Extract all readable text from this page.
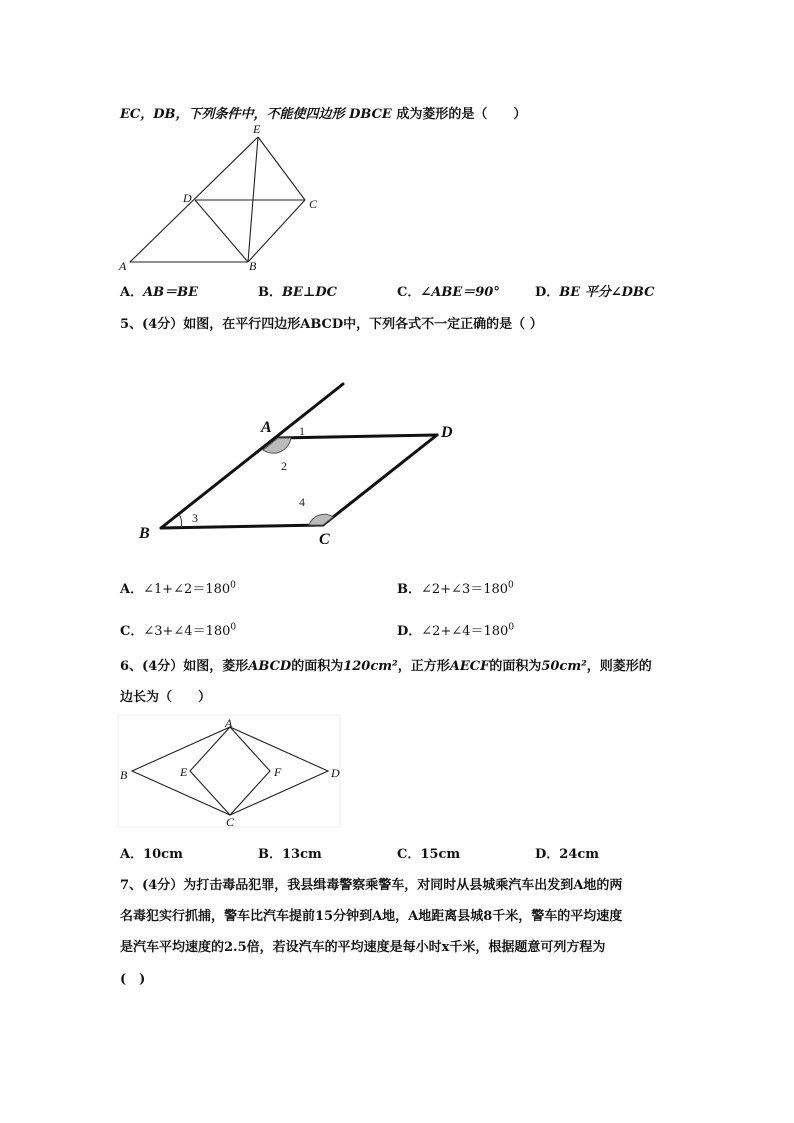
EC，DB，下列条件中，不能使四边形 DBCE 成为菱形的是（　　）
A	B
C
D
E
A．AB＝BE	B．BE⊥DC	C．∠ABE＝90°	D．BE 平分∠DBC
5、(4分）如图，在平行四边形ABCD中，下列各式不一定正确的是（ ）
A
B	C
D
1
2
3
4
A．$\angle 1+\angle 2=180^0$	B．$\angle 2+\angle 3=180^0$
C．$\angle 3+\angle 4=180^0$	D．$\angle 2+\angle 4=180^0$
6、(4分）如图，菱形ABCD的面积为120cm²，正方形AECF的面积为50cm²，则菱形的
边长为（　　）
A
B
C
D
E	F
A．10cm	B．13cm	C．15cm	D．24cm
7、(4分）为打击毒品犯罪，我县缉毒警察乘警车，对同时从县城乘汽车出发到A地的两
名毒犯实行抓捕，警车比汽车提前15分钟到A地，A地距离县城8千米，警车的平均速度
是汽车平均速度的2.5倍，若设汽车的平均速度是每小时x千米，根据题意可列方程为
(　)
